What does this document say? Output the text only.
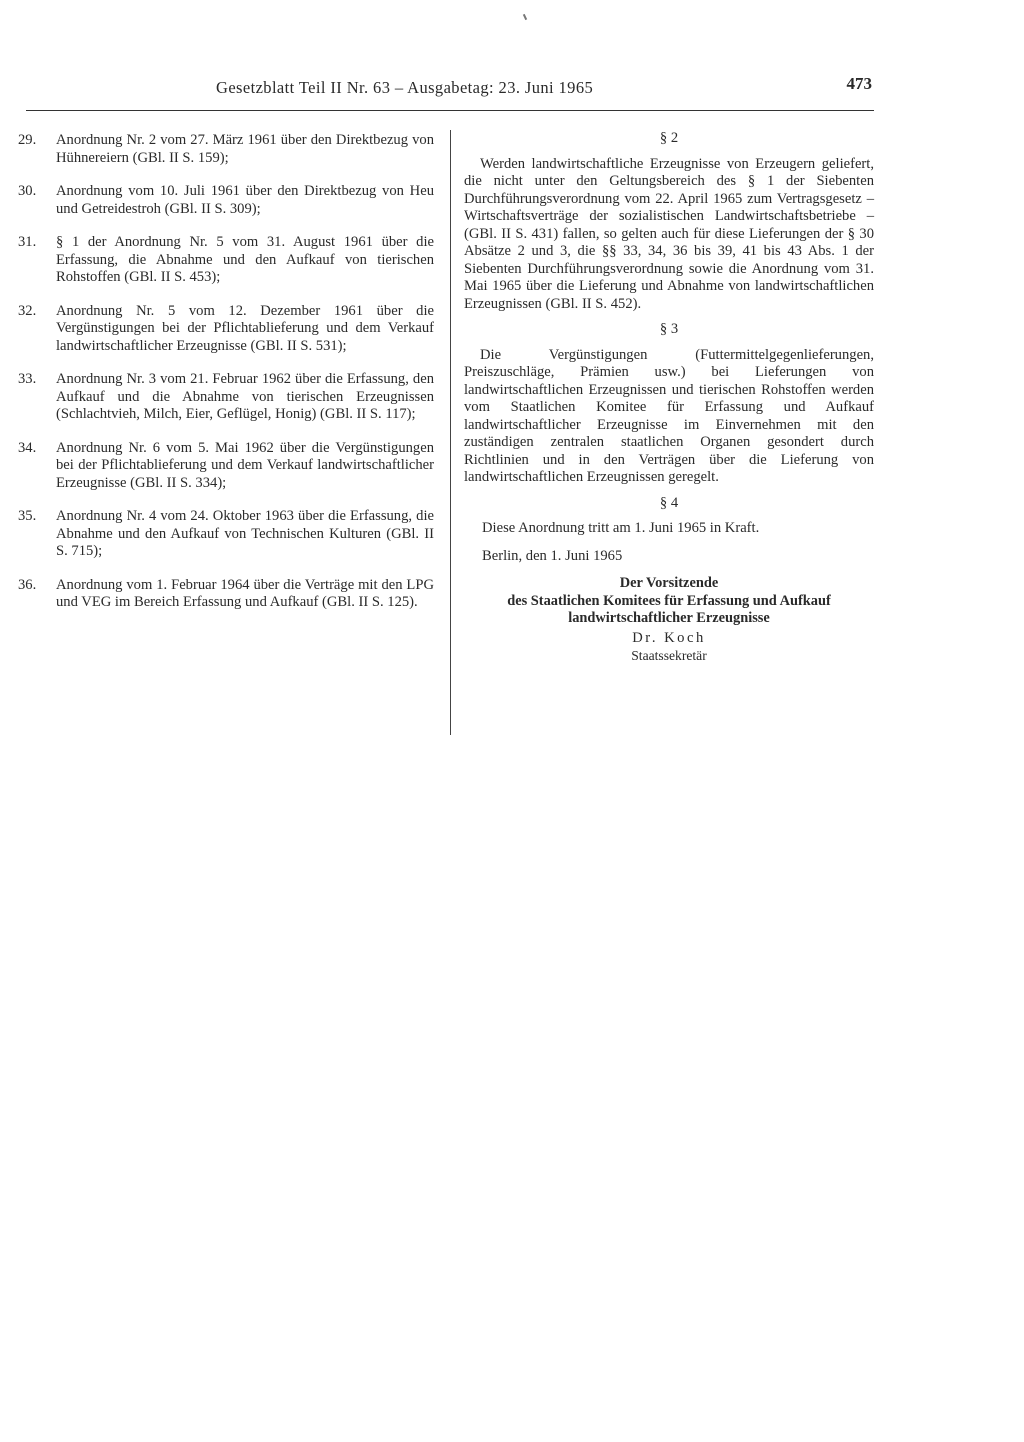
Gesetzblatt Teil II Nr. 63 – Ausgabetag: 23. Juni 1965	473
29.	Anordnung Nr. 2 vom 27. März 1961 über den Direktbezug von Hühnereiern (GBl. II S. 159);
30.	Anordnung vom 10. Juli 1961 über den Direktbezug von Heu und Getreidestroh (GBl. II S. 309);
31.	§ 1 der Anordnung Nr. 5 vom 31. August 1961 über die Erfassung, die Abnahme und den Aufkauf von tierischen Rohstoffen (GBl. II S. 453);
32.	Anordnung Nr. 5 vom 12. Dezember 1961 über die Vergünstigungen bei der Pflichtablieferung und dem Verkauf landwirtschaftlicher Erzeugnisse (GBl. II S. 531);
33.	Anordnung Nr. 3 vom 21. Februar 1962 über die Erfassung, den Aufkauf und die Abnahme von tierischen Erzeugnissen (Schlachtvieh, Milch, Eier, Geflügel, Honig) (GBl. II S. 117);
34.	Anordnung Nr. 6 vom 5. Mai 1962 über die Vergünstigungen bei der Pflichtablieferung und dem Verkauf landwirtschaftlicher Erzeugnisse (GBl. II S. 334);
35.	Anordnung Nr. 4 vom 24. Oktober 1963 über die Erfassung, die Abnahme und den Aufkauf von Technischen Kulturen (GBl. II S. 715);
36.	Anordnung vom 1. Februar 1964 über die Verträge mit den LPG und VEG im Bereich Erfassung und Aufkauf (GBl. II S. 125).

§ 2

Werden landwirtschaftliche Erzeugnisse von Erzeugern geliefert, die nicht unter den Geltungsbereich des § 1 der Siebenten Durchführungsverordnung vom 22. April 1965 zum Vertragsgesetz – Wirtschaftsverträge der sozialistischen Landwirtschaftsbetriebe – (GBl. II S. 431) fallen, so gelten auch für diese Lieferungen der § 30 Absätze 2 und 3, die §§ 33, 34, 36 bis 39, 41 bis 43 Abs. 1 der Siebenten Durchführungsverordnung sowie die Anordnung vom 31. Mai 1965 über die Lieferung und Abnahme von landwirtschaftlichen Erzeugnissen (GBl. II S. 452).

§ 3

Die Vergünstigungen (Futtermittelgegenlieferungen, Preiszuschläge, Prämien usw.) bei Lieferungen von landwirtschaftlichen Erzeugnissen und tierischen Rohstoffen werden vom Staatlichen Komitee für Erfassung und Aufkauf landwirtschaftlicher Erzeugnisse im Einvernehmen mit den zuständigen zentralen staatlichen Organen gesondert durch Richtlinien und in den Verträgen über die Lieferung von landwirtschaftlichen Erzeugnissen geregelt.

§ 4

Diese Anordnung tritt am 1. Juni 1965 in Kraft.

Berlin, den 1. Juni 1965

Der Vorsitzende

des Staatlichen Komitees für Erfassung und Aufkauf

landwirtschaftlicher Erzeugnisse

Dr. Koch

Staatssekretär
